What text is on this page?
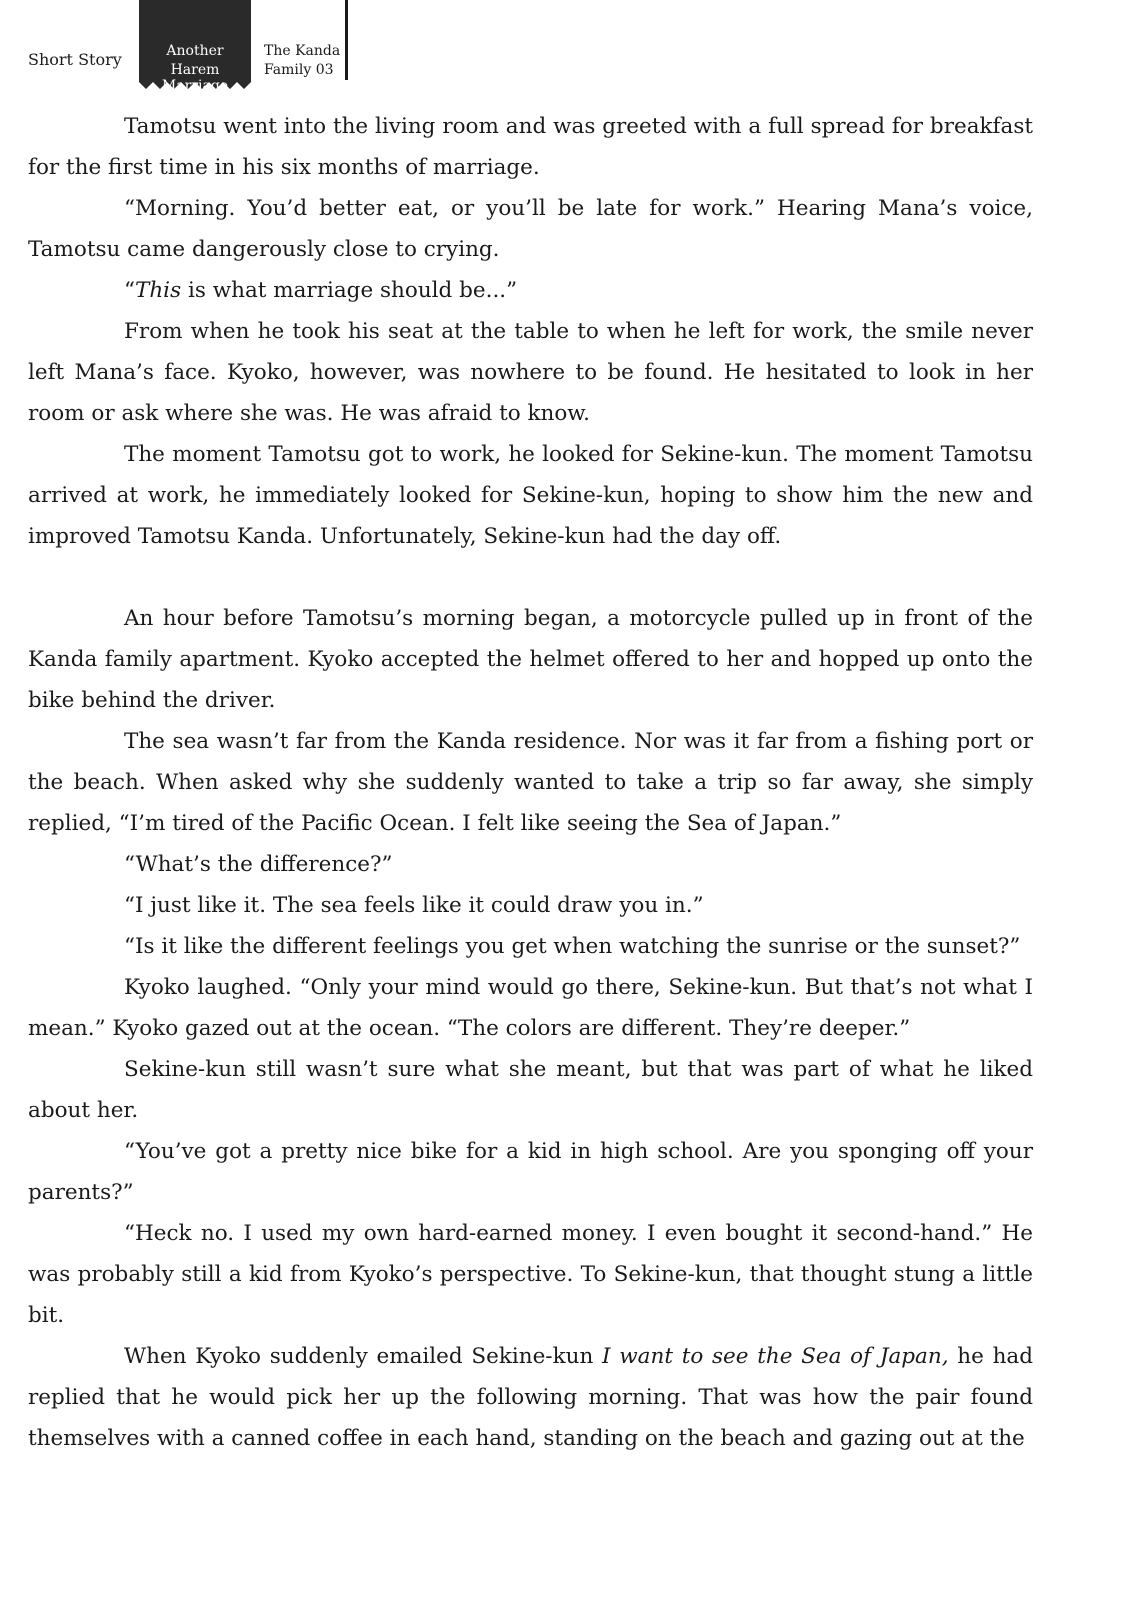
Short Story	Another
Harem Marriage
The Kanda
Family 03

Tamotsu went into the living room and was greeted with a full spread for breakfast for the first time in his six months of marriage.

“Morning. You’d better eat, or you’ll be late for work.” Hearing Mana’s voice, Tamotsu came dangerously close to crying.

“This is what marriage should be...”

From when he took his seat at the table to when he left for work, the smile never left Mana’s face. Kyoko, however, was nowhere to be found. He hesitated to look in her room or ask where she was. He was afraid to know.

The moment Tamotsu got to work, he looked for Sekine-kun. The moment Tamotsu arrived at work, he immediately looked for Sekine-kun, hoping to show him the new and improved Tamotsu Kanda. Unfortunately, Sekine-kun had the day off.

An hour before Tamotsu’s morning began, a motorcycle pulled up in front of the Kanda family apartment. Kyoko accepted the helmet offered to her and hopped up onto the bike behind the driver.

The sea wasn’t far from the Kanda residence. Nor was it far from a fishing port or the beach. When asked why she suddenly wanted to take a trip so far away, she simply replied, “I’m tired of the Pacific Ocean. I felt like seeing the Sea of Japan.”

“What’s the difference?”

“I just like it. The sea feels like it could draw you in.”

“Is it like the different feelings you get when watching the sunrise or the sunset?”

Kyoko laughed. “Only your mind would go there, Sekine-kun. But that’s not what I mean.” Kyoko gazed out at the ocean. “The colors are different. They’re deeper.”

Sekine-kun still wasn’t sure what she meant, but that was part of what he liked about her.

“You’ve got a pretty nice bike for a kid in high school. Are you sponging off your parents?”

“Heck no. I used my own hard-earned money. I even bought it second-hand.” He was probably still a kid from Kyoko’s perspective. To Sekine-kun, that thought stung a little bit.

When Kyoko suddenly emailed Sekine-kun I want to see the Sea of Japan, he had replied that he would pick her up the following morning. That was how the pair found themselves with a canned coffee in each hand, standing on the beach and gazing out at the
